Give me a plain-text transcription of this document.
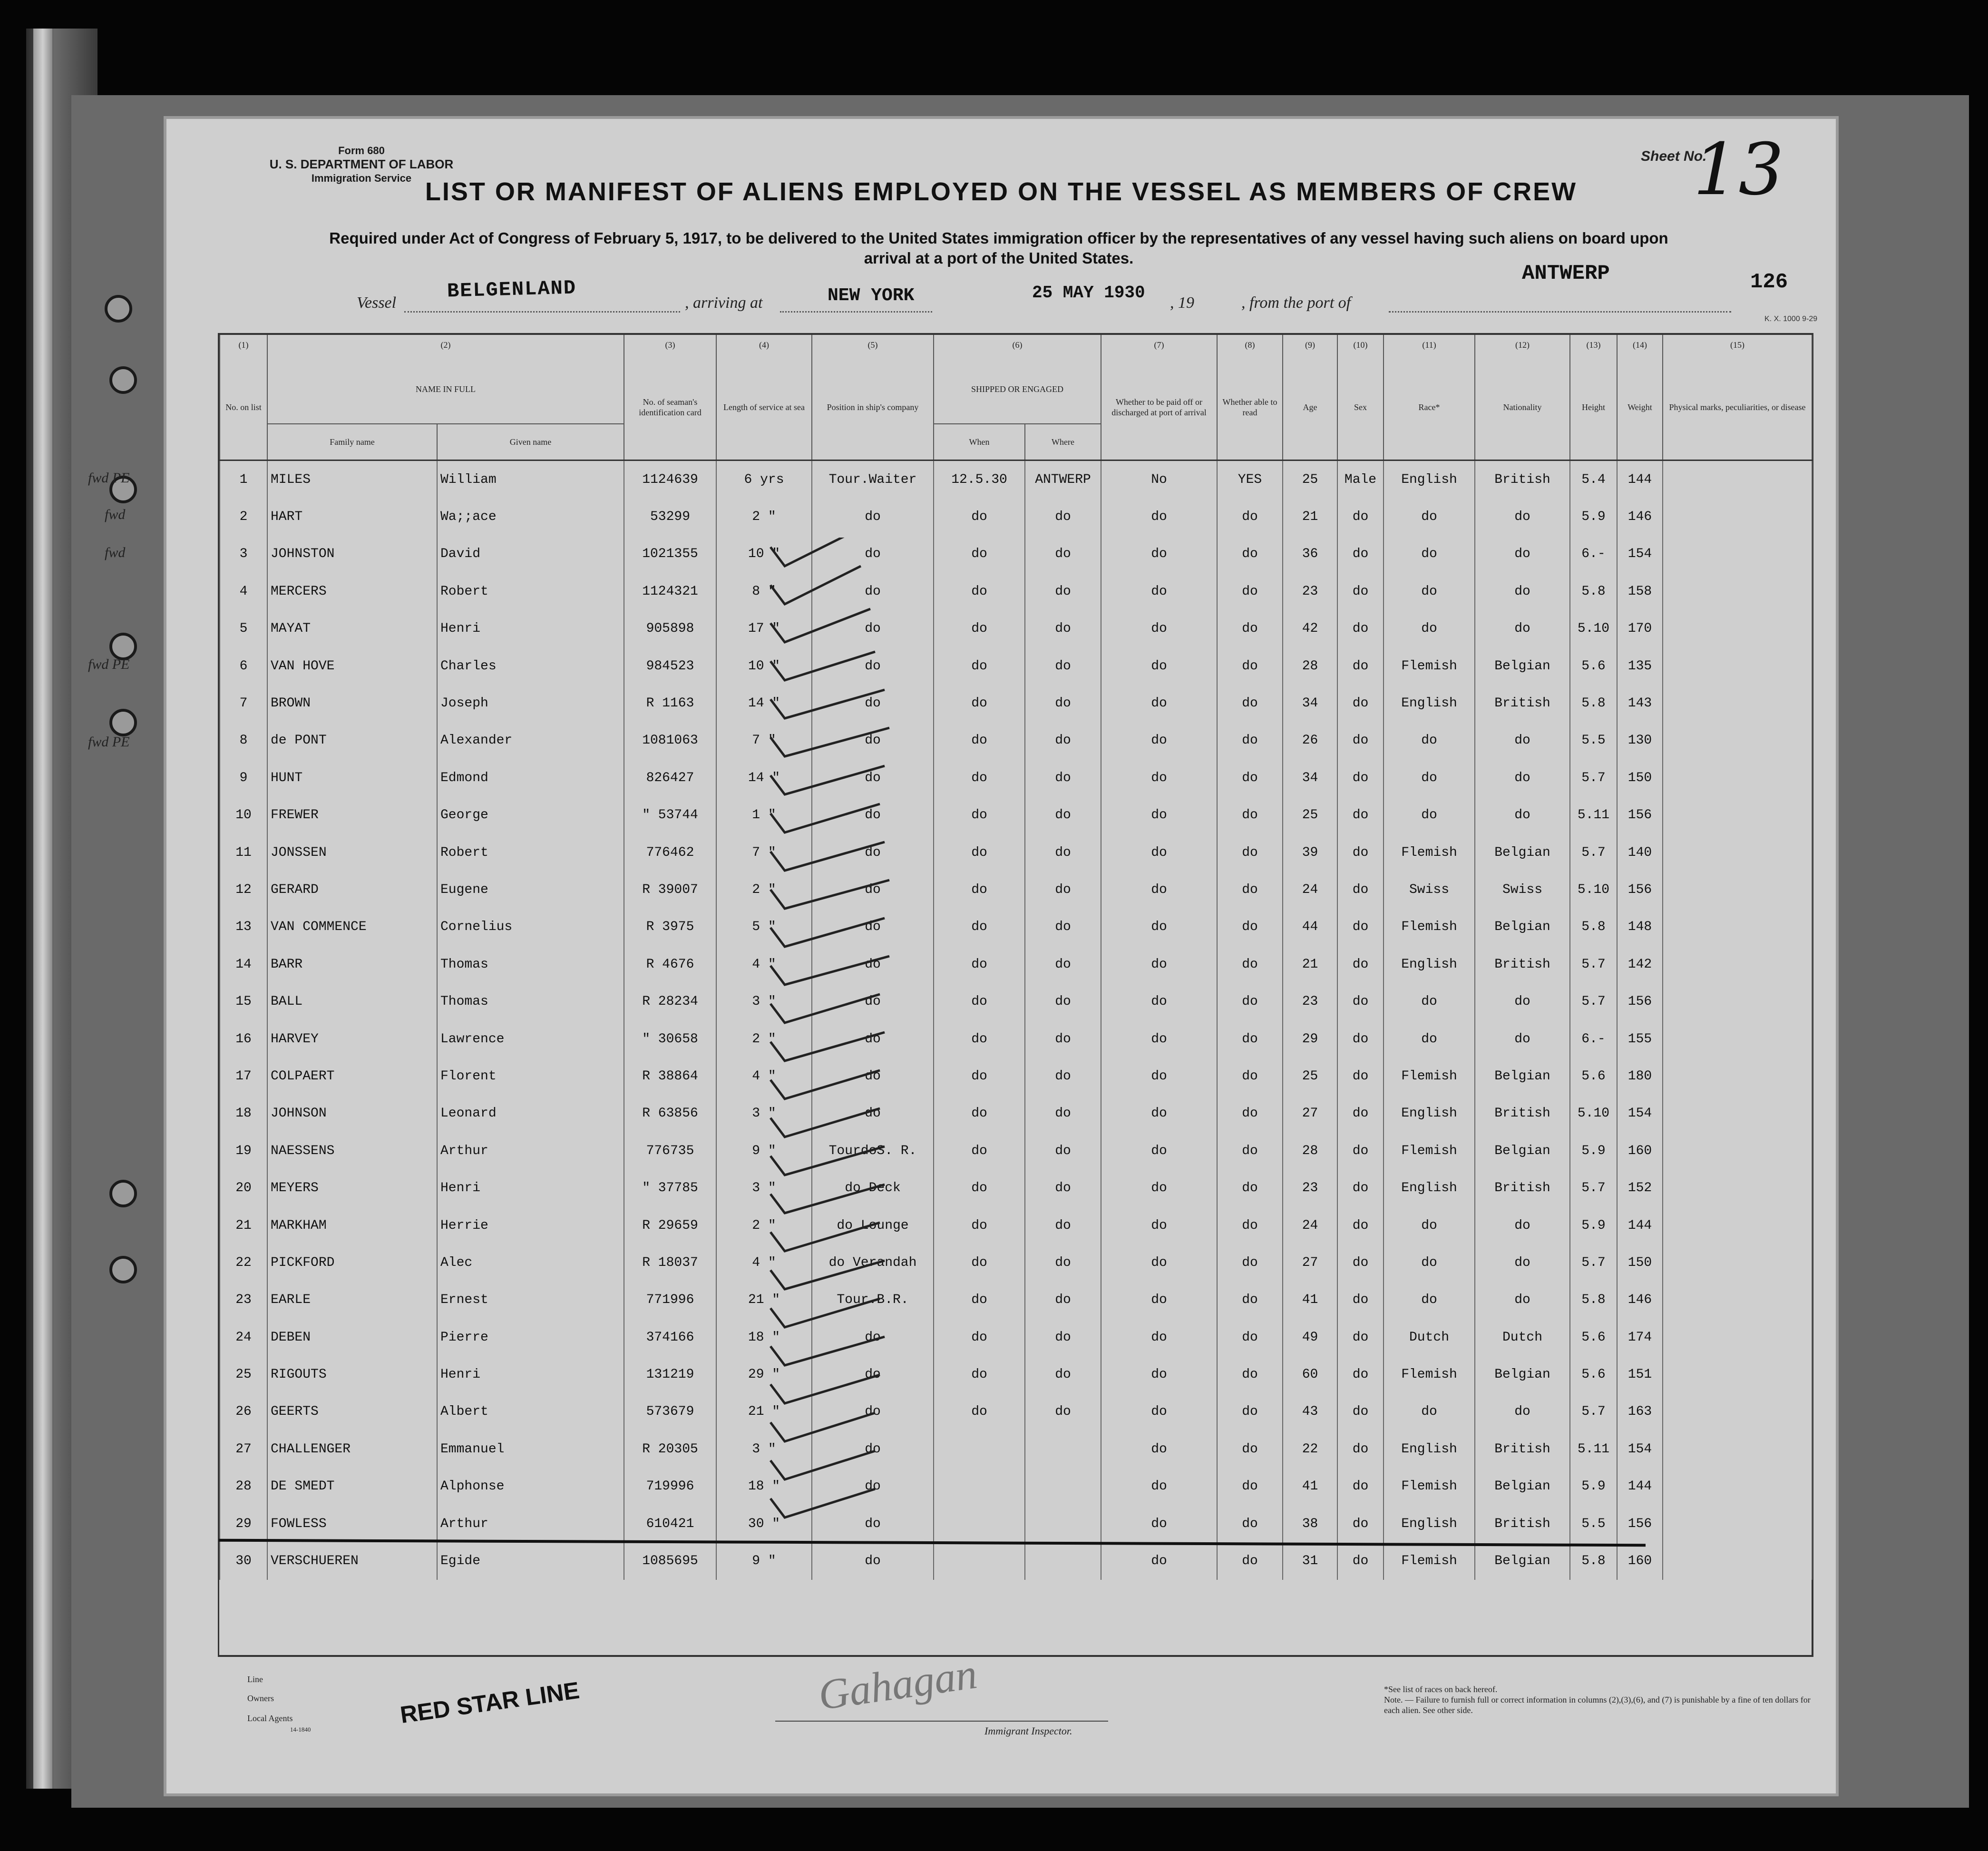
Form 680
U. S. DEPARTMENT OF LABOR
Immigration Service
Sheet No.
13
LIST OR MANIFEST OF ALIENS EMPLOYED ON THE VESSEL AS MEMBERS OF CREW
Required under Act of Congress of February 5, 1917, to be delivered to the United States immigration officer by the representatives of any vessel having such aliens on board upon
arrival at a port of the United States.
126
Vessel	BELGENLAND	, arriving at	NEW YORK	25 MAY 1930
, 19	, from the port of
ANTWERP
K. X. 1000 9-29
(1)	(2)		(3)	(4)	(5)	(6)		(7)	(8)	(9)	(10)	(11)	(12)	(13)	(14)	(15)
No. on list	NAME IN FULL		No. of seaman's identification card	Length of service at sea	Position in ship's company	SHIPPED OR ENGAGED		Whether to be paid off or discharged at port of arrival	Whether able to read	Age	Sex	Race*	Nationality	Height	Weight	Physical marks, peculiarities, or disease
	Family name	Given name				When	Where									
1	MILES	William	1124639	6 yrs	Tour.Waiter	12.5.30	ANTWERP	No	YES	25	Male	English	British	5.4	144	
2	HART	Wa;;ace	53299	2 "	do	do	do	do	do	21	do	do	do	5.9	146	
3	JOHNSTON	David	1021355	10 "	do	do	do	do	do	36	do	do	do	6.-	154	
4	MERCERS	Robert	1124321	8 "	do	do	do	do	do	23	do	do	do	5.8	158	
5	MAYAT	Henri	905898	17 "	do	do	do	do	do	42	do	do	do	5.10	170	
6	VAN HOVE	Charles	984523	10 "	do	do	do	do	do	28	do	Flemish	Belgian	5.6	135	
7	BROWN	Joseph	R 1163	14 "	do	do	do	do	do	34	do	English	British	5.8	143	
8	de PONT	Alexander	1081063	7 "	do	do	do	do	do	26	do	do	do	5.5	130	
9	HUNT	Edmond	826427	14 "	do	do	do	do	do	34	do	do	do	5.7	150	
10	FREWER	George	" 53744	1 "	do	do	do	do	do	25	do	do	do	5.11	156	
11	JONSSEN	Robert	776462	7 "	do	do	do	do	do	39	do	Flemish	Belgian	5.7	140	
12	GERARD	Eugene	R 39007	2 "	do	do	do	do	do	24	do	Swiss	Swiss	5.10	156	
13	VAN COMMENCE	Cornelius	R 3975	5 "	do	do	do	do	do	44	do	Flemish	Belgian	5.8	148	
14	BARR	Thomas	R 4676	4 "	do	do	do	do	do	21	do	English	British	5.7	142	
15	BALL	Thomas	R 28234	3 "	do	do	do	do	do	23	do	do	do	5.7	156	
16	HARVEY	Lawrence	" 30658	2 "	do	do	do	do	do	29	do	do	do	6.-	155	
17	COLPAERT	Florent	R 38864	4 "	do	do	do	do	do	25	do	Flemish	Belgian	5.6	180	
18	JOHNSON	Leonard	R 63856	3 "	do	do	do	do	do	27	do	English	British	5.10	154	
19	NAESSENS	Arthur	776735	9 "	TourdoS. R.	do	do	do	do	28	do	Flemish	Belgian	5.9	160	
20	MEYERS	Henri	" 37785	3 "	do Deck	do	do	do	do	23	do	English	British	5.7	152	
21	MARKHAM	Herrie	R 29659	2 "	do Lounge	do	do	do	do	24	do	do	do	5.9	144	
22	PICKFORD	Alec	R 18037	4 "	do Verandah	do	do	do	do	27	do	do	do	5.7	150	
23	EARLE	Ernest	771996	21 "	Tour.B.R.	do	do	do	do	41	do	do	do	5.8	146	
24	DEBEN	Pierre	374166	18 "	do	do	do	do	do	49	do	Dutch	Dutch	5.6	174	
25	RIGOUTS	Henri	131219	29 "	do	do	do	do	do	60	do	Flemish	Belgian	5.6	151	
26	GEERTS	Albert	573679	21 "	do	do	do	do	do	43	do	do	do	5.7	163	
27	CHALLENGER	Emmanuel	R 20305	3 "	do			do	do	22	do	English	British	5.11	154	
28	DE SMEDT	Alphonse	719996	18 "	do			do	do	41	do	Flemish	Belgian	5.9	144	
29	FOWLESS	Arthur	610421	30 "	do			do	do	38	do	English	British	5.5	156	
30	VERSCHUEREN	Egide	1085695	9 "	do			do	do	31	do	Flemish	Belgian	5.8	160	
fwd PE
fwd
fwd
fwd PE
fwd PE
Line
Owners
Local Agents
14-1840
RED STAR LINE	Gahagan
Immigrant Inspector.
*See list of races on back hereof.
Note. — Failure to furnish full or correct information in columns (2),(3),(6), and (7) is punishable by a fine of ten dollars for each alien. See other side.
